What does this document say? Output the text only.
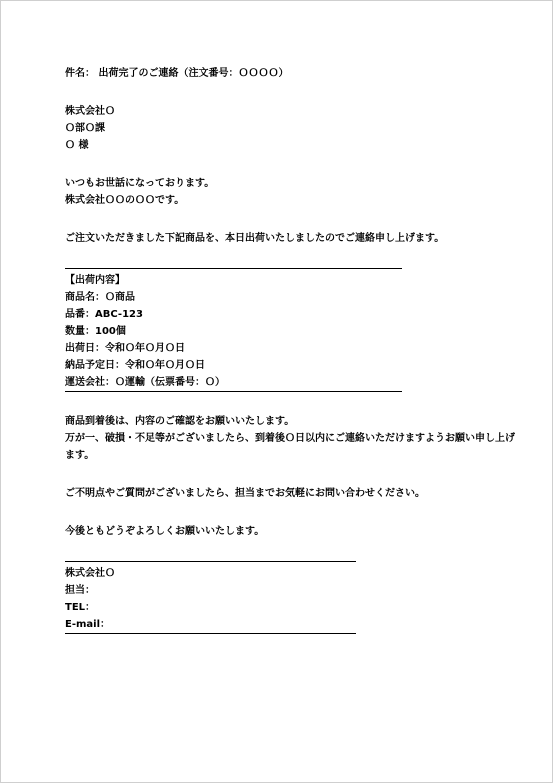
件名： 出荷完了のご連絡（注文番号：ＯＯＯＯ）
株式会社Ｏ
Ｏ部Ｏ課
Ｏ 様
いつもお世話になっております。
株式会社ＯＯのＯＯです。
ご注文いただきました下記商品を、本日出荷いたしましたのでご連絡申し上げます。
【出荷内容】
商品名：Ｏ商品
品番：ABC-123
数量：100個
出荷日：令和Ｏ年Ｏ月Ｏ日
納品予定日：令和Ｏ年Ｏ月Ｏ日
運送会社：Ｏ運輸（伝票番号：Ｏ）
商品到着後は、内容のご確認をお願いいたします。
万が一、破損・不足等がございましたら、到着後Ｏ日以内にご連絡いただけますようお願い申し上げます。
ご不明点やご質問がございましたら、担当までお気軽にお問い合わせください。
今後ともどうぞよろしくお願いいたします。
株式会社Ｏ
担当：
TEL：
E-mail：
